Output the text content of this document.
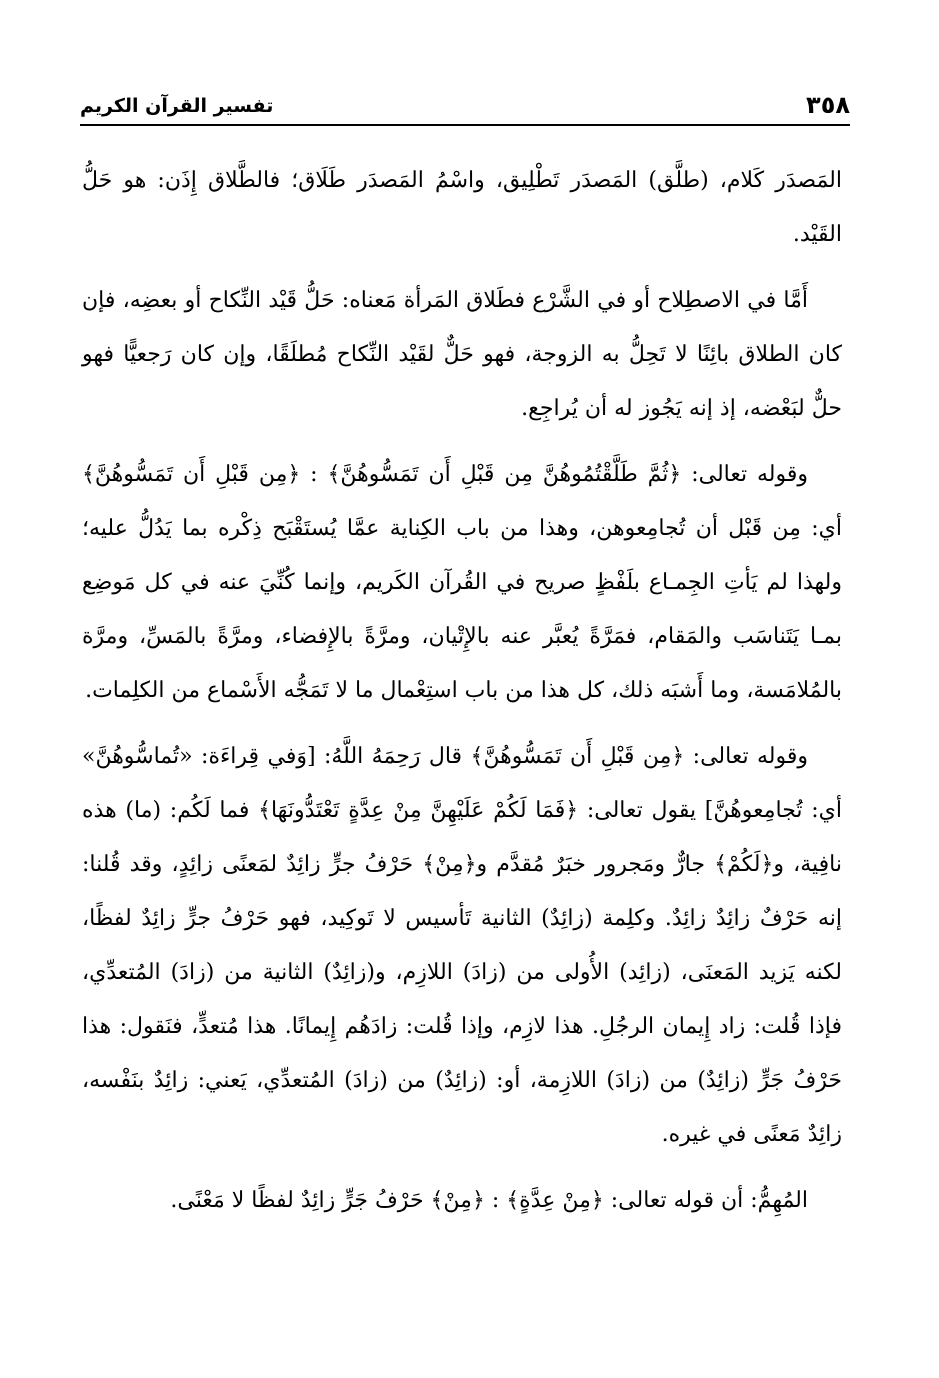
٣٥٨
تفسير القرآن الكريم

المَصدَر كَلام، (طلَّق) المَصدَر تَطْلِيق، واسْمُ المَصدَر طَلَاق؛ فالطَّلاق إِذَن: هو حَلُّ القَيْد.

أَمَّا في الاصطِلاح أو في الشَّرْع فطَلاق المَرأة مَعناه: حَلُّ قَيْد النِّكاح أو بعضِه، فإن كان الطلاق بائِنًا لا تَحِلُّ به الزوجة، فهو حَلٌّ لقَيْد النِّكاح مُطلَقًا، وإن كان رَجعيًّا فهو حلٌّ لبَعْضه، إذ إنه يَجُوز له أن يُراجِع.

وقوله تعالى: ﴿ثُمَّ طَلَّقْتُمُوهُنَّ مِن قَبْلِ أَن تَمَسُّوهُنَّ﴾ : ﴿مِن قَبْلِ أَن تَمَسُّوهُنَّ﴾ أي: مِن قَبْل أن تُجامِعوهن، وهذا من باب الكِناية عمَّا يُستَقْبَح ذِكْره بما يَدُلُّ عليه؛ ولهذا لم يَأتِ الجِمـاع بلَفْظٍ صريح في القُرآن الكَريم، وإنما كُنِّيَ عنه في كل مَوضِع بمـا يَتَناسَب والمَقام، فمَرَّةً يُعبَّر عنه بالإِتْيان، ومرَّةً بالإِفضاء، ومرَّةً بالمَسِّ، ومرَّة بالمُلامَسة، وما أَشبَه ذلك، كل هذا من باب استِعْمال ما لا تَمَجُّه الأَسْماع من الكلِمات.

وقوله تعالى: ﴿مِن قَبْلِ أَن تَمَسُّوهُنَّ﴾ قال رَحِمَهُ اللَّهُ: [وَفي قِراءَة: «تُماسُّوهُنَّ» أي: تُجامِعوهُنَّ] يقول تعالى: ﴿فَمَا لَكُمْ عَلَيْهِنَّ مِنْ عِدَّةٍ تَعْتَدُّونَهَا﴾ فما لَكُم: (ما) هذه نافِية، و﴿لَكُمْ﴾ جارٌّ ومَجرور خبَرٌ مُقدَّم و﴿مِنْ﴾ حَرْفُ جرٍّ زائِدٌ لمَعنًى زائِدٍ، وقد قُلنا: إنه حَرْفٌ زائِدٌ زائِدٌ. وكلِمة (زائِدٌ) الثانية تَأسيس لا تَوكِيد، فهو حَرْفُ جرٍّ زائِدٌ لفظًا، لكنه يَزيد المَعنَى، (زائِد) الأُولى من (زادَ) اللازِم، و(زائِدٌ) الثانية من (زادَ) المُتعدِّي، فإذا قُلت: زاد إِيمان الرجُلِ. هذا لازِم، وإذا قُلت: زادَهُم إِيمانًا. هذا مُتعدٍّ، فنَقول: هذا حَرْفُ جَرٍّ (زائِدٌ) من (زادَ) اللازِمة، أو: (زائِدٌ) من (زادَ) المُتعدِّي، يَعني: زائِدٌ بنَفْسه، زائِدٌ مَعنًى في غيره.

المُهِمُّ: أن قوله تعالى: ﴿مِنْ عِدَّةٍ﴾ : ﴿مِنْ﴾ حَرْفُ جَرٍّ زائِدٌ لفظًا لا مَعْنًى.
